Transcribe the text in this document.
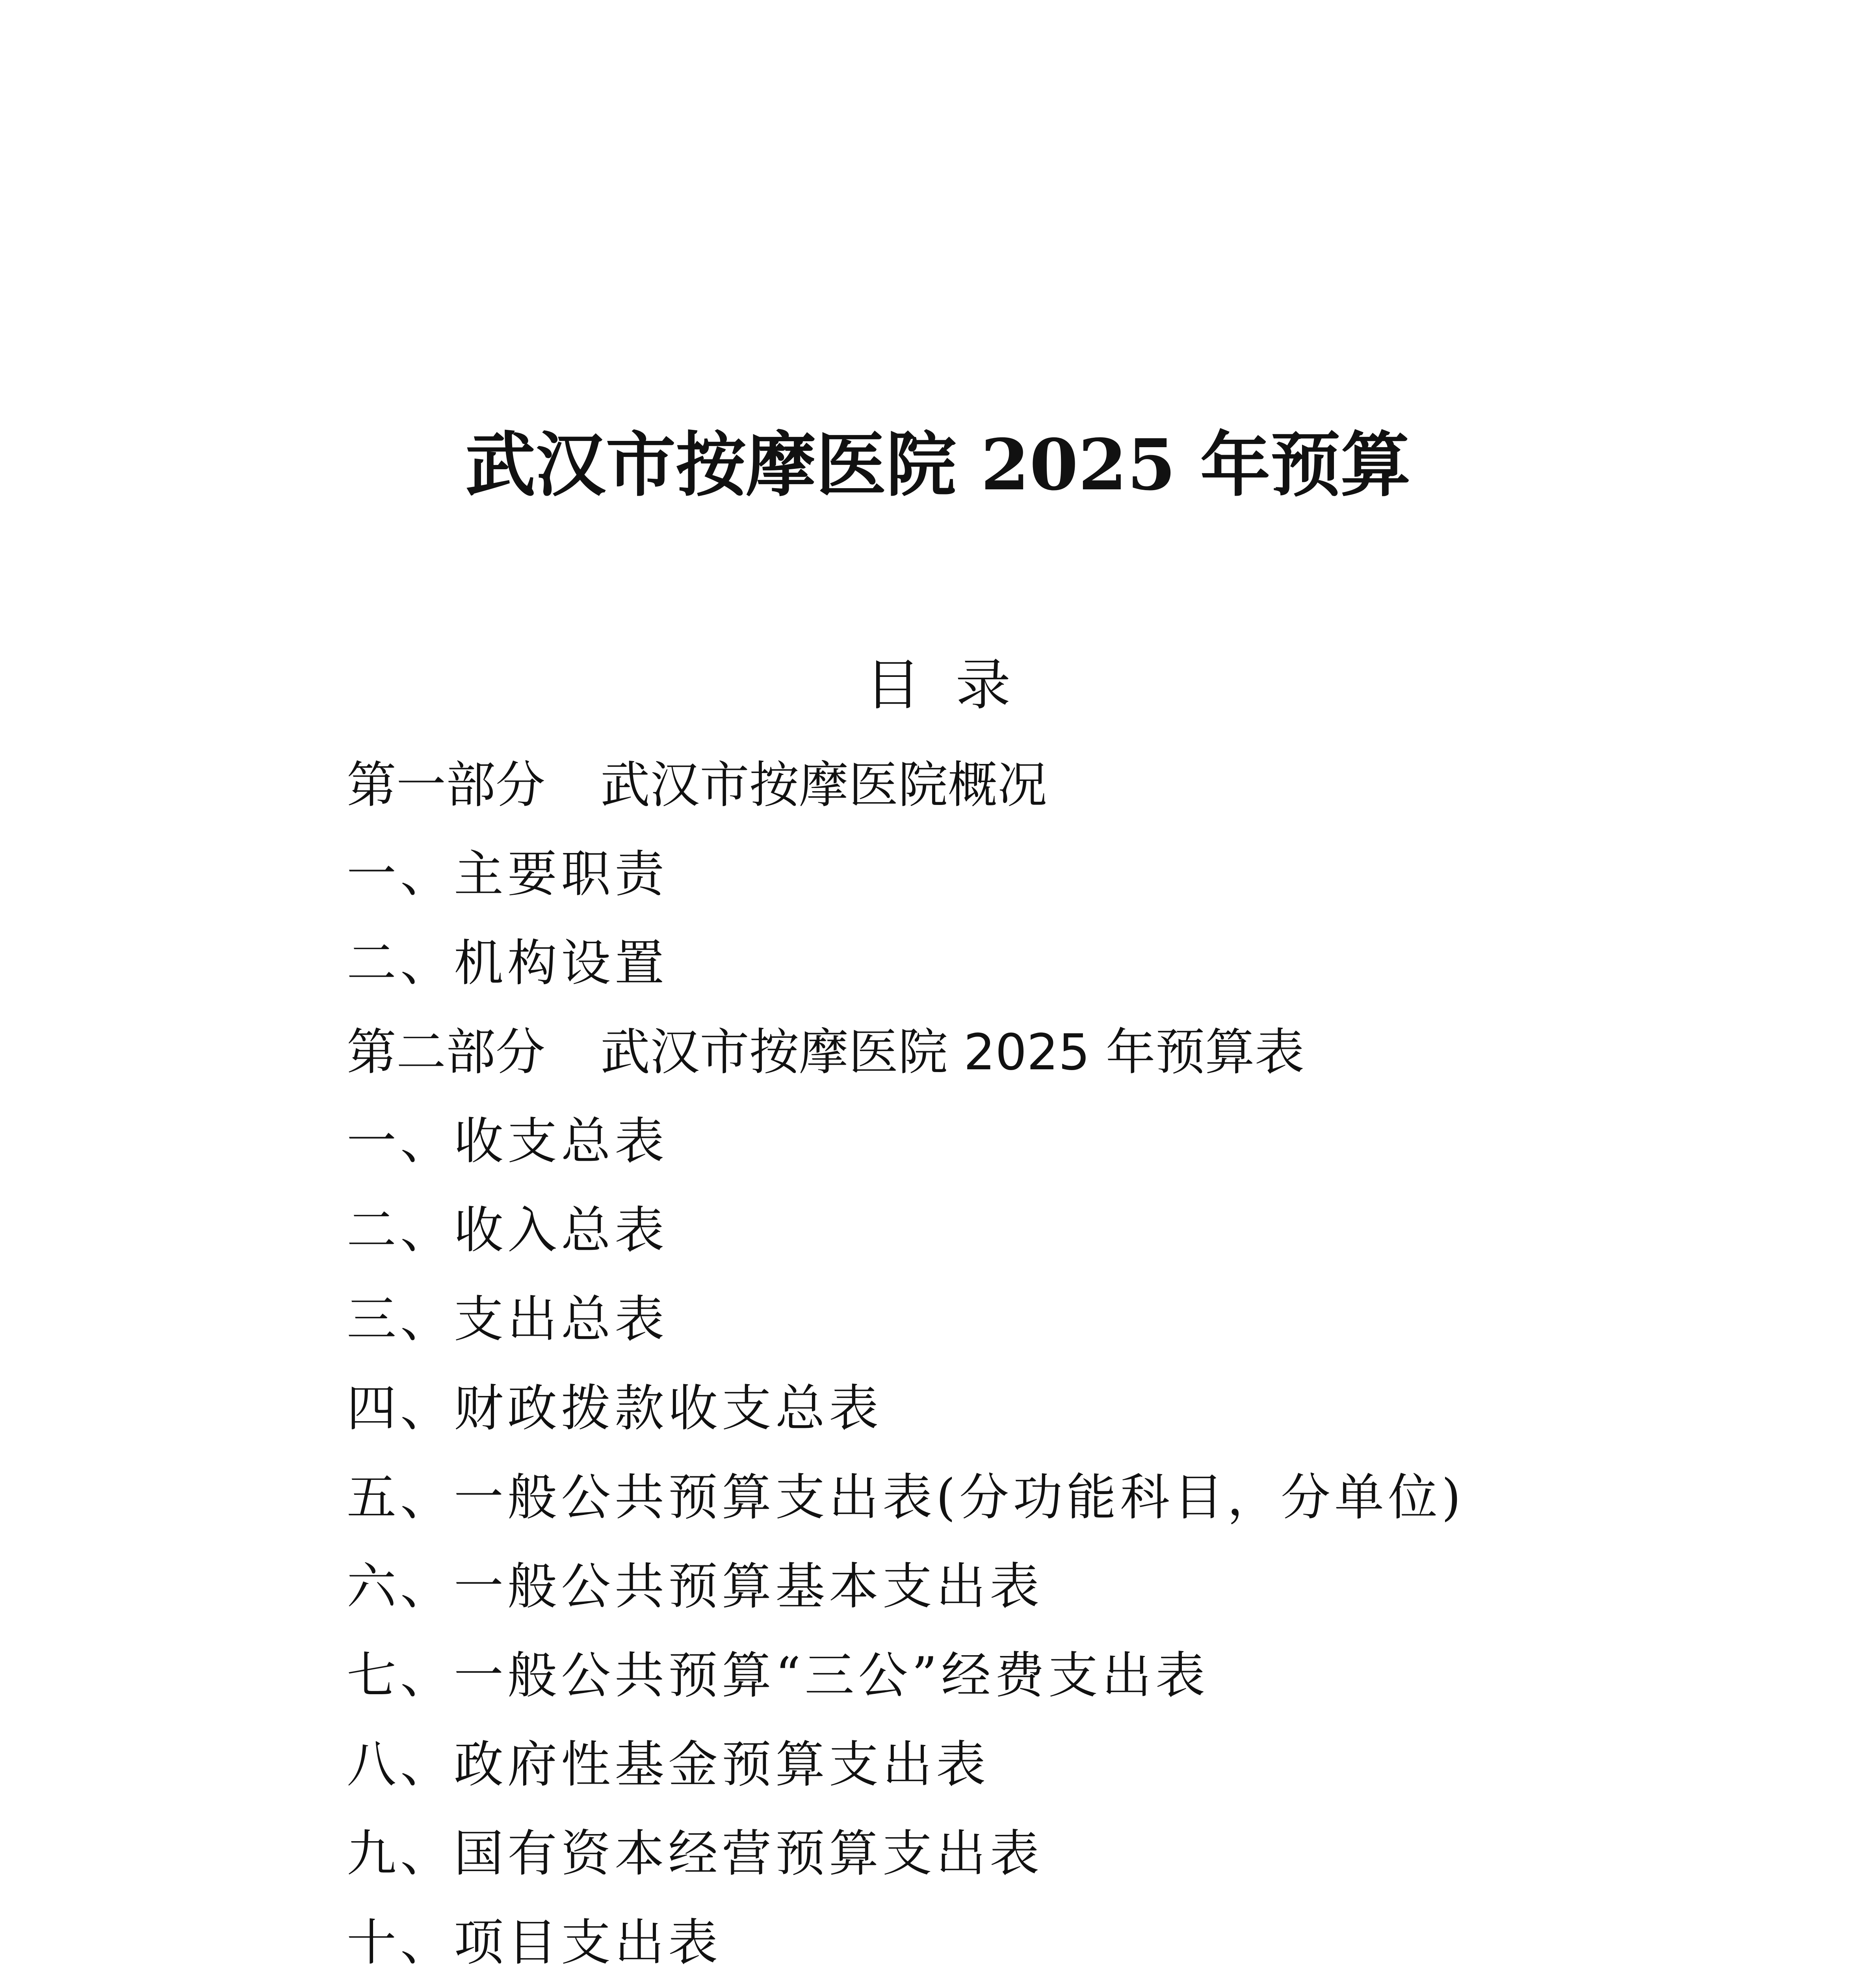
武汉市按摩医院 2025 年预算
目  录
第一部分 武汉市按摩医院概况
一、主要职责
二、机构设置
第二部分 武汉市按摩医院 2025 年预算表
一、收支总表
二、收入总表
三、支出总表
四、财政拨款收支总表
五、一般公共预算支出表(分功能科目，分单位)
六、一般公共预算基本支出表
七、一般公共预算“三公”经费支出表
八、政府性基金预算支出表
九、国有资本经营预算支出表
十、项目支出表
